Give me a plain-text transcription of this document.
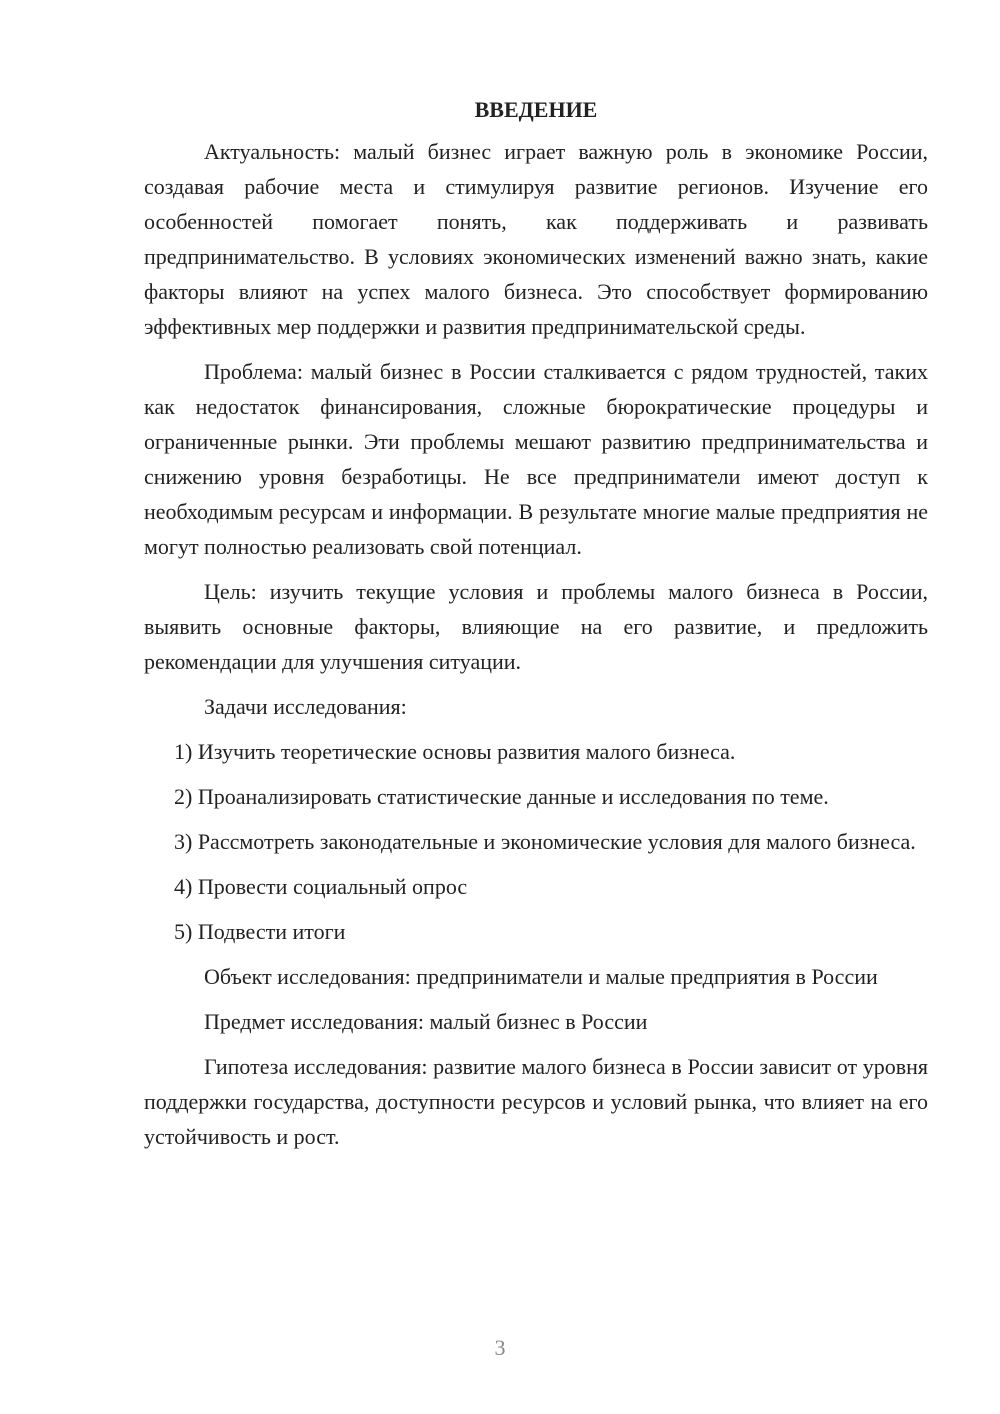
ВВЕДЕНИЕ

Актуальность: малый бизнес играет важную роль в экономике России, создавая рабочие места и стимулируя развитие регионов. Изучение его особенностей помогает понять, как поддерживать и развивать предпринимательство. В условиях экономических изменений важно знать, какие факторы влияют на успех малого бизнеса. Это способствует формированию эффективных мер поддержки и развития предпринимательской среды.

Проблема: малый бизнес в России сталкивается с рядом трудностей, таких как недостаток финансирования, сложные бюрократические процедуры и ограниченные рынки. Эти проблемы мешают развитию предпринимательства и снижению уровня безработицы. Не все предприниматели имеют доступ к необходимым ресурсам и информации. В результате многие малые предприятия не могут полностью реализовать свой потенциал.

Цель: изучить текущие условия и проблемы малого бизнеса в России, выявить основные факторы, влияющие на его развитие, и предложить рекомендации для улучшения ситуации.

Задачи исследования:

1) Изучить теоретические основы развития малого бизнеса.

2) Проанализировать статистические данные и исследования по теме.

3) Рассмотреть законодательные и экономические условия для малого бизнеса.

4) Провести социальный опрос

5) Подвести итоги

Объект исследования: предприниматели и малые предприятия в России

Предмет исследования: малый бизнес в России

Гипотеза исследования: развитие малого бизнеса в России зависит от уровня поддержки государства, доступности ресурсов и условий рынка, что влияет на его устойчивость и рост.

3
